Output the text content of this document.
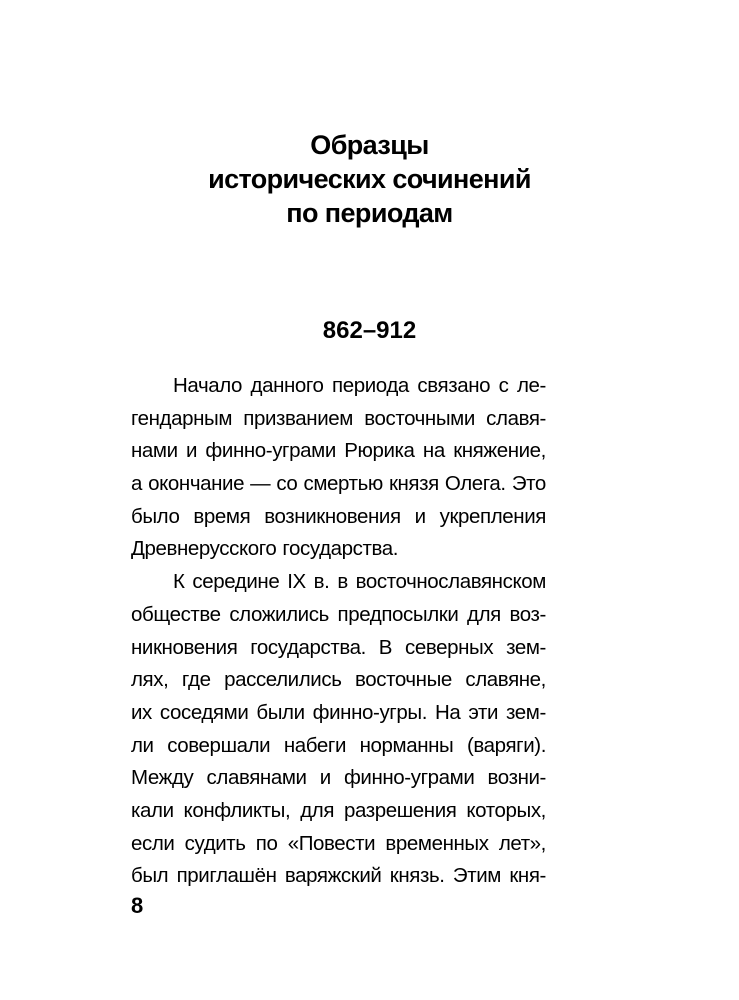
Образцы
исторических сочинений
по периодам
862–912
Начало данного периода связано с ле-
гендарным призванием восточными славя-
нами и финно-уграми Рюрика на княжение,
а окончание — со смертью князя Олега. Это
было время возникновения и укрепления
Древнерусского государства.
К середине IX в. в восточнославянском
обществе сложились предпосылки для воз-
никновения государства. В северных зем-
лях, где расселились восточные славяне,
их соседями были финно-угры. На эти зем-
ли совершали набеги норманны (варяги).
Между славянами и финно-уграми возни-
кали конфликты, для разрешения которых,
если судить по «Повести временных лет»,
был приглашён варяжский князь. Этим кня-
8
